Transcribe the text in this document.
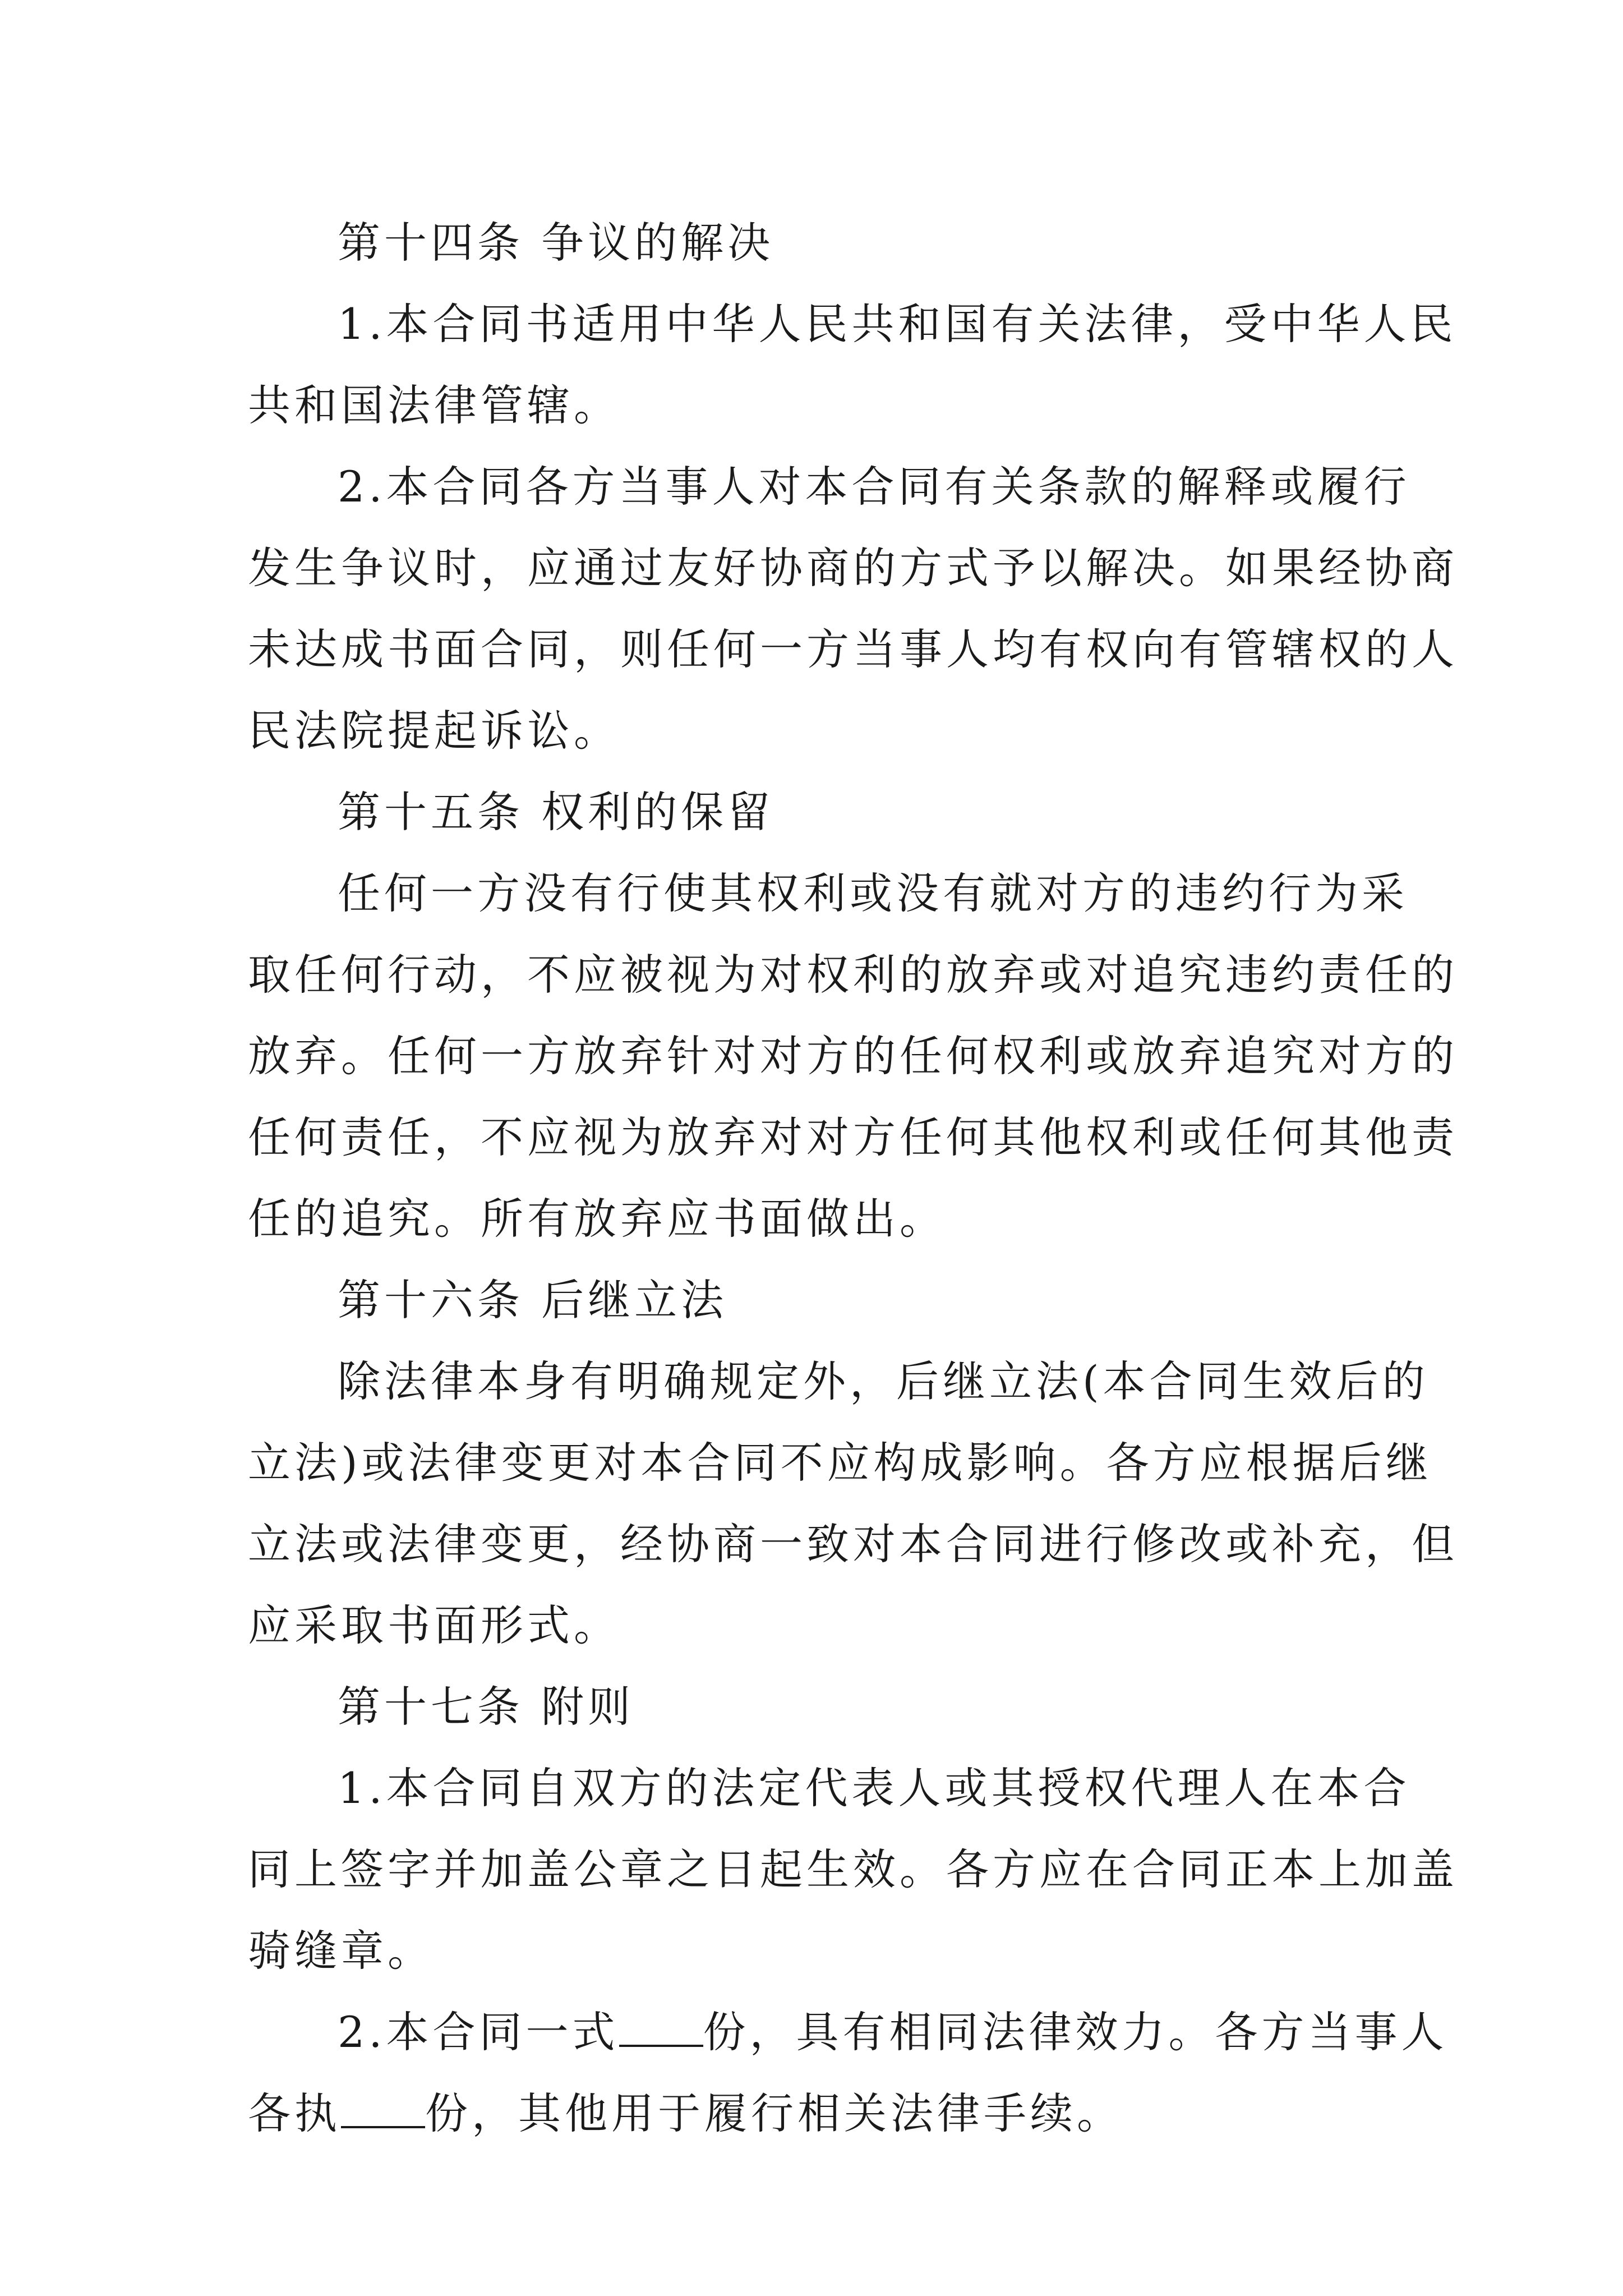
第十四条 争议的解决
1.本合同书适用中华人民共和国有关法律，受中华人民
共和国法律管辖。
2.本合同各方当事人对本合同有关条款的解释或履行
发生争议时，应通过友好协商的方式予以解决。如果经协商
未达成书面合同，则任何一方当事人均有权向有管辖权的人
民法院提起诉讼。
第十五条 权利的保留
任何一方没有行使其权利或没有就对方的违约行为采
取任何行动，不应被视为对权利的放弃或对追究违约责任的
放弃。任何一方放弃针对对方的任何权利或放弃追究对方的
任何责任，不应视为放弃对对方任何其他权利或任何其他责
任的追究。所有放弃应书面做出。
第十六条 后继立法
除法律本身有明确规定外，后继立法(本合同生效后的
立法)或法律变更对本合同不应构成影响。各方应根据后继
立法或法律变更，经协商一致对本合同进行修改或补充，但
应采取书面形式。
第十七条 附则
1.本合同自双方的法定代表人或其授权代理人在本合
同上签字并加盖公章之日起生效。各方应在合同正本上加盖
骑缝章。
2.本合同一式 份，具有相同法律效力。各方当事人
各执 份，其他用于履行相关法律手续。
